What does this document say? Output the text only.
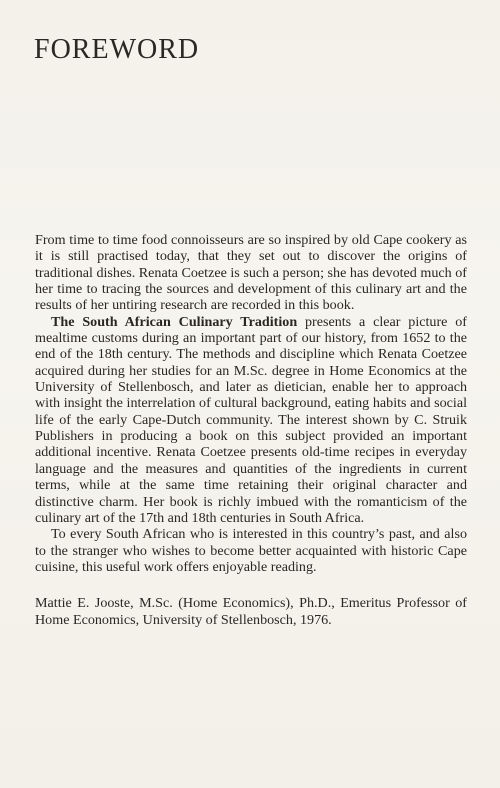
FOREWORD

From time to time food connoisseurs are so inspired by old Cape cookery as it is still practised today, that they set out to discover the origins of traditional dishes. Renata Coetzee is such a person; she has devoted much of her time to tracing the sources and development of this culinary art and the results of her untiring research are recorded in this book.

The South African Culinary Tradition presents a clear picture of mealtime customs during an important part of our history, from 1652 to the end of the 18th century. The methods and discipline which Renata Coetzee acquired during her studies for an M.Sc. degree in Home Economics at the University of Stellenbosch, and later as dietician, enable her to approach with insight the interrelation of cultural background, eating habits and social life of the early Cape-Dutch community. The interest shown by C. Struik Publishers in producing a book on this subject provided an important additional incentive. Renata Coetzee presents old-time recipes in everyday language and the measures and quantities of the ingredients in current terms, while at the same time retaining their original character and distinctive charm. Her book is richly imbued with the romanticism of the culinary art of the 17th and 18th centuries in South Africa.

To every South African who is interested in this country’s past, and also to the stranger who wishes to become better acquainted with historic Cape cuisine, this useful work offers enjoyable reading.

Mattie E. Jooste, M.Sc. (Home Economics), Ph.D., Emeritus Professor of Home Economics, University of Stellenbosch, 1976.
